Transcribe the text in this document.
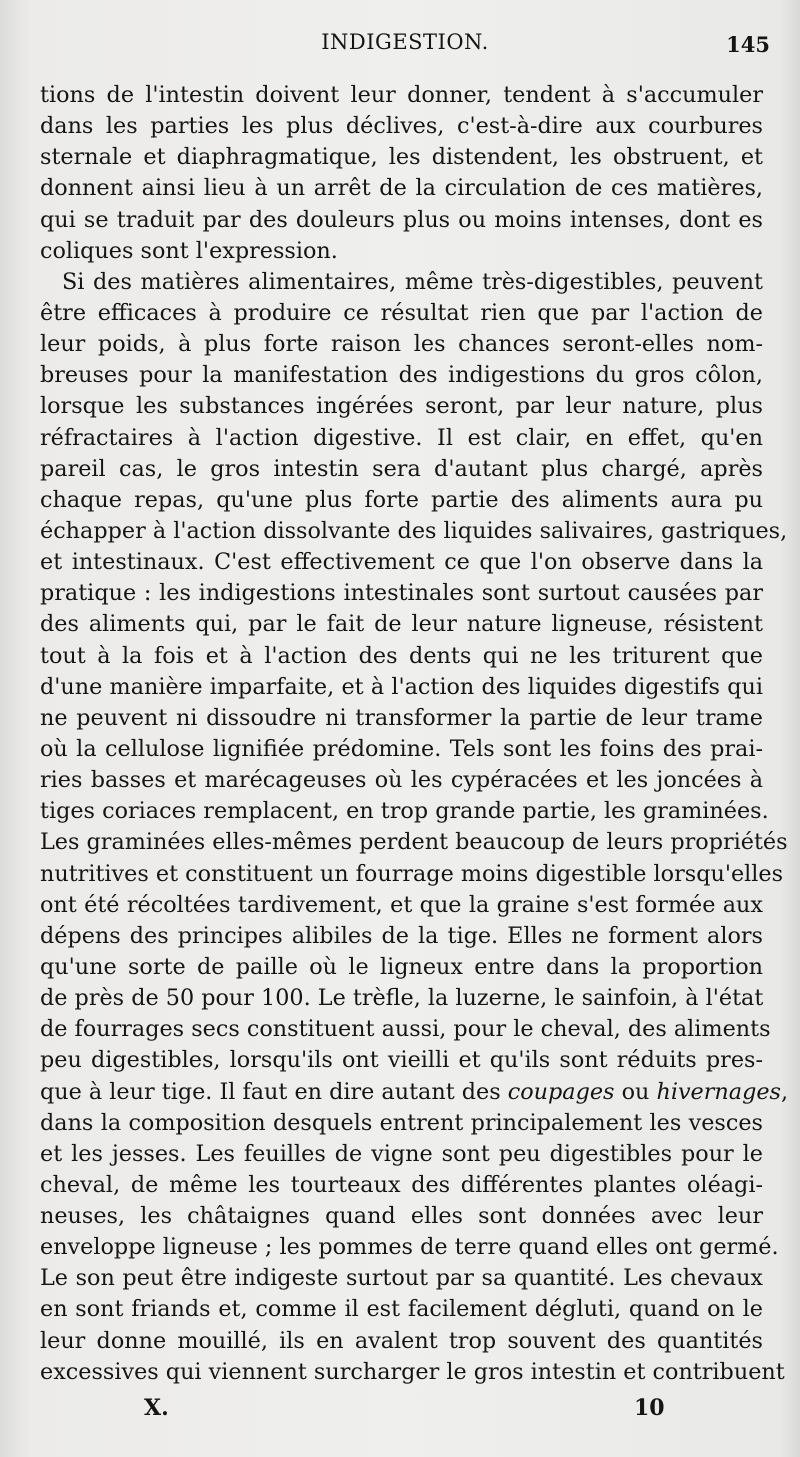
INDIGESTION.	145
tions de l'intestin doivent leur donner, tendent à s'accumuler
dans les parties les plus déclives, c'est-à-dire aux courbures
sternale et diaphragmatique, les distendent, les obstruent, et
donnent ainsi lieu à un arrêt de la circulation de ces matières,
qui se traduit par des douleurs plus ou moins intenses, dont es
coliques sont l'expression.
Si des matières alimentaires, même très-digestibles, peuvent
être efficaces à produire ce résultat rien que par l'action de
leur poids, à plus forte raison les chances seront-elles nom-
breuses pour la manifestation des indigestions du gros côlon,
lorsque les substances ingérées seront, par leur nature, plus
réfractaires à l'action digestive. Il est clair, en effet, qu'en
pareil cas, le gros intestin sera d'autant plus chargé, après
chaque repas, qu'une plus forte partie des aliments aura pu
échapper à l'action dissolvante des liquides salivaires, gastriques,
et intestinaux. C'est effectivement ce que l'on observe dans la
pratique : les indigestions intestinales sont surtout causées par
des aliments qui, par le fait de leur nature ligneuse, résistent
tout à la fois et à l'action des dents qui ne les triturent que
d'une manière imparfaite, et à l'action des liquides digestifs qui
ne peuvent ni dissoudre ni transformer la partie de leur trame
où la cellulose lignifiée prédomine. Tels sont les foins des prai-
ries basses et marécageuses où les cypéracées et les joncées à
tiges coriaces remplacent, en trop grande partie, les graminées.
Les graminées elles-mêmes perdent beaucoup de leurs propriétés
nutritives et constituent un fourrage moins digestible lorsqu'elles
ont été récoltées tardivement, et que la graine s'est formée aux
dépens des principes alibiles de la tige. Elles ne forment alors
qu'une sorte de paille où le ligneux entre dans la proportion
de près de 50 pour 100. Le trèfle, la luzerne, le sainfoin, à l'état
de fourrages secs constituent aussi, pour le cheval, des aliments
peu digestibles, lorsqu'ils ont vieilli et qu'ils sont réduits pres-
que à leur tige. Il faut en dire autant des coupages ou hivernages,
dans la composition desquels entrent principalement les vesces
et les jesses. Les feuilles de vigne sont peu digestibles pour le
cheval, de même les tourteaux des différentes plantes oléagi-
neuses, les châtaignes quand elles sont données avec leur
enveloppe ligneuse ; les pommes de terre quand elles ont germé.
Le son peut être indigeste surtout par sa quantité. Les chevaux
en sont friands et, comme il est facilement dégluti, quand on le
leur donne mouillé, ils en avalent trop souvent des quantités
excessives qui viennent surcharger le gros intestin et contribuent
X.	10
